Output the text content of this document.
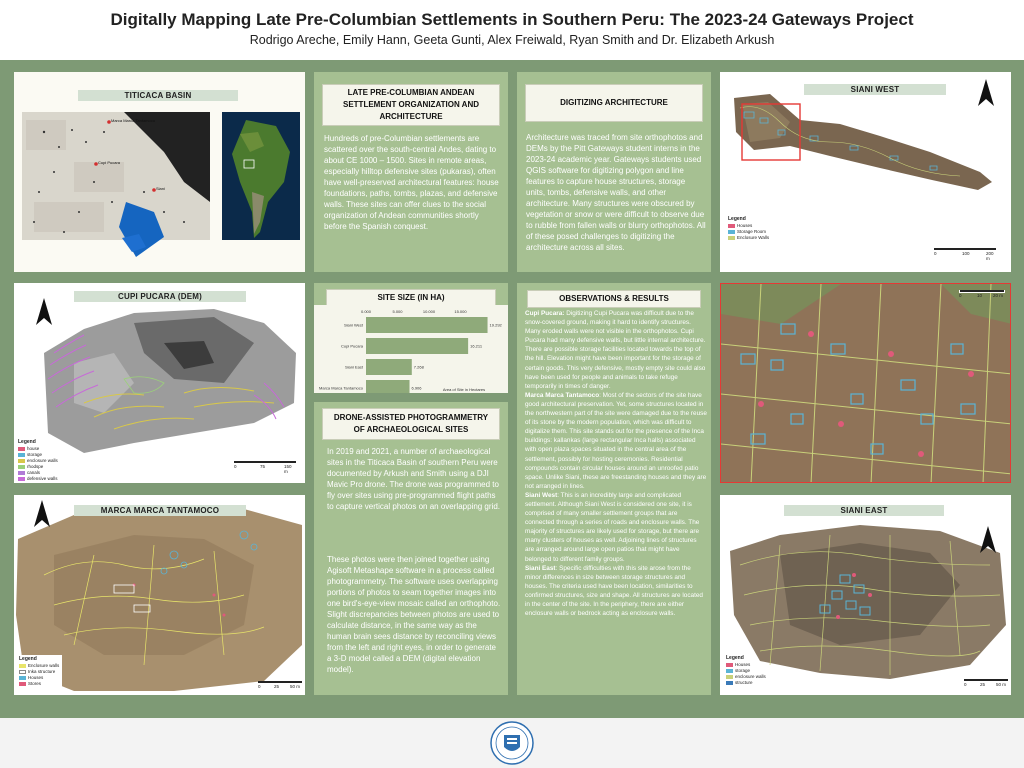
Digitally Mapping Late Pre-Columbian Settlements in Southern Peru: The 2023-24 Gateways Project
Rodrigo Areche, Emily Hann, Geeta Gunti, Alex Freiwald, Ryan Smith and Dr. Elizabeth Arkush
TITICACA BASIN
Marca Marca Tantamoco
Cupi Pucara
Siani
LATE PRE-COLUMBIAN ANDEAN SETTLEMENT ORGANIZATION AND ARCHITECTURE
Hundreds of pre-Columbian settlements are scattered over the south-central Andes, dating to about CE 1000 – 1500. Sites in remote areas, especially hilltop defensive sites (pukaras), often have well-preserved architectural features: house foundations, paths, tombs, plazas, and defensive walls. These sites can offer clues to the social organization of Andean communities shortly before the Spanish conquest.
DIGITIZING ARCHITECTURE
Architecture was traced from site orthophotos and DEMs by the Pitt Gateways student interns in the 2023-24 academic year. Gateways students used QGIS software for digitizing polygon and line features to capture house structures, storage units, tombs, defensive walls, and other architecture. Many structures were obscured by vegetation or snow or were difficult to observe due to rubble from fallen walls or blurry orthophotos. All of these posed challenges to digitizing the architecture across all sites.
SIANI WEST
Legend
Houses
Storage Room
Enclosure Walls
0	100	200 m
CUPI PUCARA (DEM)
Legend
house
storage
enclosure walls
rhodspe
canals
defensive walls
0	75	150 m
MARCA MARCA TANTAMOCO
Legend
Enclosure walls
Inka structure
Houses
Stores
0	25 50 m
SITE SIZE (IN HA)
0.000	5.000	10.000	15.000
Siani West	19.292
Cupi Pucara	16.211
Siani East	7.268
Marca Marca Tantamoco	6.906	Area of Site in Hectares
DRONE-ASSISTED PHOTOGRAMMETRY OF ARCHAEOLOGICAL SITES
In 2019 and 2021, a number of archaeological sites in the Titicaca Basin of southern Peru were documented by Arkush and Smith using a DJI Mavic Pro drone. The drone was programmed to fly over sites using pre-programmed flight paths to capture vertical photos on an overlapping grid.
These photos were then joined together using Agisoft Metashape software in a process called photogrammetry. The software uses overlapping portions of photos to seam together images into one bird's-eye-view mosaic called an orthophoto. Slight discrepancies between photos are used to calculate distance, in the same way as the human brain sees distance by reconciling views from the left and right eyes, in order to generate a 3-D model called a DEM (digital elevation model).
OBSERVATIONS & RESULTS
Cupi Pucara: Digitizing Cupi Pucara was difficult due to the snow-covered ground, making it hard to identify structures. Many eroded walls were not visible in the orthophotos. Cupi Pucara had many defensive walls, but little internal architecture. There are possible storage facilities located towards the top of the hill. Elevation might have been important for the storage of certain goods. This very defensive, mostly empty site could also have been used for people and animals to take refuge temporarily in times of danger.
Marca Marca Tantamoco: Most of the sectors of the site have good architectural preservation. Yet, some structures located in the northwestern part of the site were damaged due to the reuse of its stone by the modern population, which was difficult to digitalize them. This site stands out for the presence of the Inca buildings: kallankas (large rectangular Inca halls) associated with open plaza spaces situated in the central area of the settlement, possibly for hosting ceremonies. Residential compounds contain circular houses around an unroofed patio space. Unlike Siani, these are freestanding houses and they are not arranged in lines.
Siani West: This is an incredibly large and complicated settlement. Although Siani West is considered one site, it is comprised of many smaller settlement groups that are connected through a series of roads and enclosure walls. The majority of structures are likely used for storage, but there are many clusters of houses as well. Adjoining lines of structures are arranged around large open patios that might have belonged to different family groups.
Siani East: Specific difficulties with this site arose from the minor differences in size between storage structures and houses. The criteria used have been location, similarities to confirmed structures, size and shape. All structures are located in the center of the site. In the periphery, there are either enclosure walls or bedrock acting as enclosure walls.
0	10 20 m
SIANI EAST
Legend
Houses
storage
enclosure walls
structure	0	25 50 m
